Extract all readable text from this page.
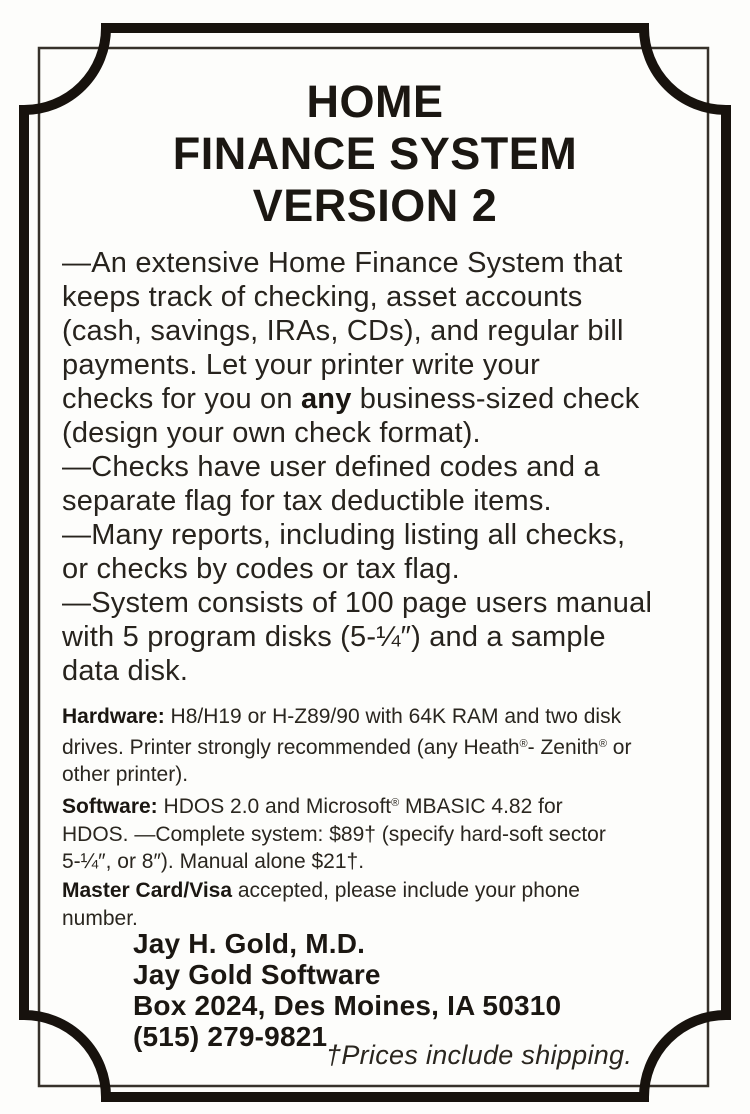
HOME
FINANCE SYSTEM
VERSION 2
—An extensive Home Finance System that
keeps track of checking, asset accounts
(cash, savings, IRAs, CDs), and regular bill
payments. Let your printer write your
checks for you on any business-sized check
(design your own check format).
—Checks have user defined codes and a
separate flag for tax deductible items.
—Many reports, including listing all checks,
or checks by codes or tax flag.
—System consists of 100 page users manual
with 5 program disks (5-¼″) and a sample
data disk.
Hardware: H8/H19 or H-Z89/90 with 64K RAM and two disk
drives. Printer strongly recommended (any Heath®- Zenith® or
other printer).
Software: HDOS 2.0 and Microsoft® MBASIC 4.82 for
HDOS. —Complete system: $89† (specify hard-soft sector
5-¼″, or 8″). Manual alone $21†.
Master Card/Visa accepted, please include your phone
number.
Jay H. Gold, M.D.
Jay Gold Software
Box 2024, Des Moines, IA 50310
(515) 279-9821
†Prices include shipping.
